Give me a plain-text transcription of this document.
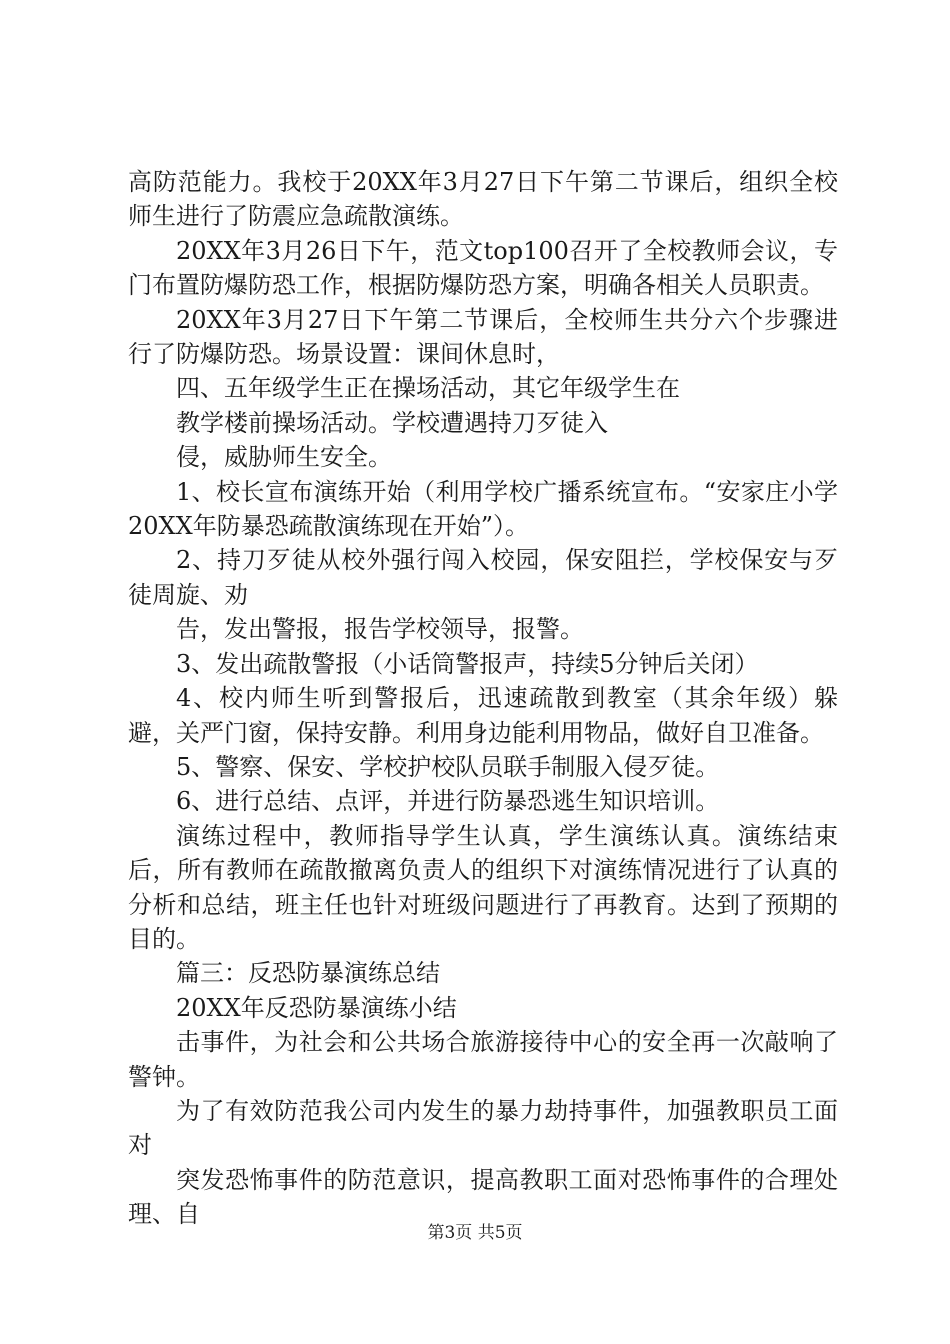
高防范能力。我校于20XX年3月27日下午第二节课后，组织全校师生进行了防震应急疏散演练。

20XX年3月26日下午，范文top100召开了全校教师会议，专门布置防爆防恐工作，根据防爆防恐方案，明确各相关人员职责。

20XX年3月27日下午第二节课后，全校师生共分六个步骤进行了防爆防恐。场景设置：课间休息时，

四、五年级学生正在操场活动，其它年级学生在

教学楼前操场活动。学校遭遇持刀歹徒入

侵，威胁师生安全。

1、校长宣布演练开始（利用学校广播系统宣布。“安家庄小学20XX年防暴恐疏散演练现在开始”）。

2、持刀歹徒从校外强行闯入校园，保安阻拦，学校保安与歹徒周旋、劝

告，发出警报，报告学校领导，报警。

3、发出疏散警报（小话筒警报声，持续5分钟后关闭）

4、校内师生听到警报后，迅速疏散到教室（其余年级）躲避，关严门窗，保持安静。利用身边能利用物品，做好自卫准备。

5、警察、保安、学校护校队员联手制服入侵歹徒。

6、进行总结、点评，并进行防暴恐逃生知识培训。

演练过程中，教师指导学生认真，学生演练认真。演练结束后，所有教师在疏散撤离负责人的组织下对演练情况进行了认真的分析和总结，班主任也针对班级问题进行了再教育。达到了预期的目的。

篇三：反恐防暴演练总结

20XX年反恐防暴演练小结

击事件，为社会和公共场合旅游接待中心的安全再一次敲响了警钟。

为了有效防范我公司内发生的暴力劫持事件，加强教职员工面对

突发恐怖事件的防范意识，提高教职工面对恐怖事件的合理处理、自

第3页 共5页
